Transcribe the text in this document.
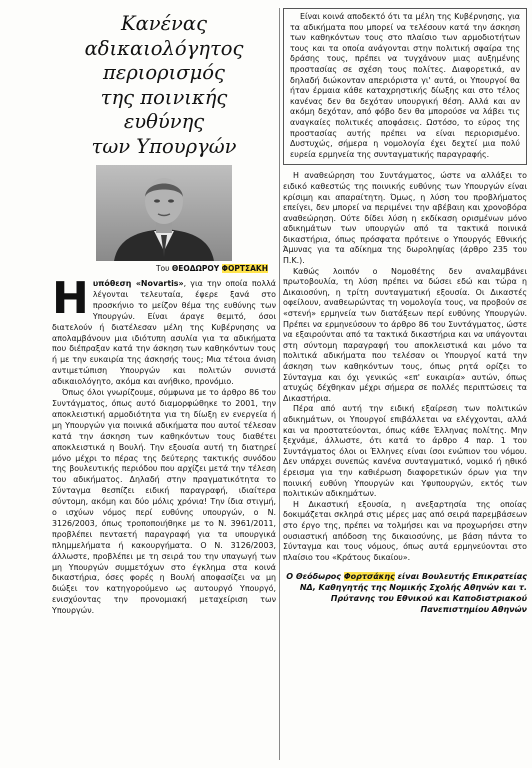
Κανένας
αδικαιολόγητος
περιορισμός
της ποινικής
ευθύνης
των Υπουργών
Του ΘΕΟΔΩΡΟΥ ΦΟΡΤΣΑΚΗ

Ηυπόθεση «Novartis», για την οποία πολλά λέγονται τελευταία, έφερε ξανά στο προσκήνιο το μείζον θέμα της ευθύνης των Υπουργών. Είναι άραγε θεμιτό, όσοι διατελούν ή διατέλεσαν μέλη της Κυβέρνησης να απολαμβάνουν μια ιδιότυπη ασυλία για τα αδικήματα που διέπραξαν κατά την άσκηση των καθηκόντων τους ή με την ευκαιρία της άσκησής τους; Μια τέτοια άνιση αντιμετώπιση Υπουργών και πολιτών συνιστά αδικαιολόγητο, ακόμα και ανήθικο, προνόμιο.

Όπως όλοι γνωρίζουμε, σύμφωνα με το άρθρο 86 του Συντάγματος, όπως αυτό διαμορφώθηκε το 2001, την αποκλειστική αρμοδιότητα για τη δίωξη εν ενεργεία ή μη Υπουργών για ποινικά αδικήματα που αυτοί τέλεσαν κατά την άσκηση των καθηκόντων τους διαθέτει αποκλειστικά η Βουλή. Την εξουσία αυτή τη διατηρεί μόνο μέχρι το πέρας της δεύτερης τακτικής συνόδου της βουλευτικής περιόδου που αρχίζει μετά την τέλεση του αδικήματος. Δηλαδή στην πραγματικότητα το Σύνταγμα θεσπίζει ειδική παραγραφή, ιδιαίτερα σύντομη, ακόμη και δύο μόλις χρόνια! Την ίδια στιγμή, ο ισχύων νόμος περί ευθύνης υπουργών, ο Ν. 3126/2003, όπως τροποποιήθηκε με το Ν. 3961/2011, προβλέπει πενταετή παραγραφή για τα υπουργικά πλημμελήματα ή κακουργήματα. Ο Ν. 3126/2003, άλλωστε, προβλέπει με τη σειρά του την υπαγωγή των μη Υπουργών συμμετόχων στο έγκλημα στα κοινά δικαστήρια, όσες φορές η Βουλή αποφασίζει να μη διώξει τον κατηγορούμενο ως αυτουργό Υπουργό, ενισχύοντας την προνομιακή μεταχείριση των Υπουργών.

Είναι κοινά αποδεκτό ότι τα μέλη της Κυβέρνησης, για τα αδικήματα που μπορεί να τελέσουν κατά την άσκηση των καθηκόντων τους στο πλαίσιο των αρμοδιοτήτων τους και τα οποία ανάγονται στην πολιτική σφαίρα της δράσης τους, πρέπει να τυγχάνουν μιας αυξημένης προστασίας σε σχέση τους πολίτες. Διαφορετικά, αν δηλαδή διώκονταν απεριόριστα γι' αυτά, οι Υπουργοί θα ήταν έρμαια κάθε καταχρηστικής δίωξης και στο τέλος κανένας δεν θα δεχόταν υπουργική θέση. Αλλά και αν ακόμη δεχόταν, από φόβο δεν θα μπορούσε να λάβει τις αναγκαίες πολιτικές αποφάσεις. Ωστόσο, το εύρος της προστασίας αυτής πρέπει να είναι περιορισμένο. Δυστυχώς, σήμερα η νομολογία έχει δεχτεί μια πολύ ευρεία ερμηνεία της συνταγματικής παραγραφής.

Η αναθεώρηση του Συντάγματος, ώστε να αλλάξει το ειδικό καθεστώς της ποινικής ευθύνης των Υπουργών είναι κρίσιμη και απαραίτητη. Όμως, η λύση του προβλήματος επείγει, δεν μπορεί να περιμένει την αβέβαιη και χρονοβόρα αναθεώρηση. Ούτε δίδει λύση η εκδίκαση ορισμένων μόνο αδικημάτων των υπουργών από τα τακτικά ποινικά δικαστήρια, όπως πρόσφατα πρότεινε ο Υπουργός Εθνικής Άμυνας για τα αδίκημα της δωροληψίας (άρθρο 235 του Π.Κ.).

Καθώς λοιπόν ο Νομοθέτης δεν αναλαμβάνει πρωτοβουλία, τη λύση πρέπει να δώσει εδώ και τώρα η Δικαιοσύνη, η τρίτη συνταγματική εξουσία. Οι Δικαστές οφείλουν, αναθεωρώντας τη νομολογία τους, να προβούν σε «στενή» ερμηνεία των διατάξεων περί ευθύνης Υπουργών. Πρέπει να ερμηνεύσουν το άρθρο 86 του Συντάγματος, ώστε να εξαιρούνται από τα τακτικά δικαστήρια και να υπάγονται στη σύντομη παραγραφή του αποκλειστικά και μόνο τα πολιτικά αδικήματα που τελέσαν οι Υπουργοί κατά την άσκηση των καθηκόντων τους, όπως ρητά ορίζει το Σύνταγμα και όχι γενικώς «επ' ευκαιρία» αυτών, όπως ατυχώς δέχθηκαν μέχρι σήμερα σε πολλές περιπτώσεις τα Δικαστήρια.

Πέρα από αυτή την ειδική εξαίρεση των πολιτικών αδικημάτων, οι Υπουργοί επιβάλλεται να ελέγχονται, αλλά και να προστατεύονται, όπως κάθε Έλληνας πολίτης. Μην ξεχνάμε, άλλωστε, ότι κατά το άρθρο 4 παρ. 1 του Συντάγματος όλοι οι Έλληνες είναι ίσοι ενώπιον του νόμου. Δεν υπάρχει συνεπώς κανένα συνταγματικό, νομικό ή ηθικό έρεισμα για την καθιέρωση διαφορετικών όρων για την ποινική ευθύνη Υπουργών και Υφυπουργών, εκτός των πολιτικών αδικημάτων.

Η Δικαστική εξουσία, η ανεξαρτησία της οποίας δοκιμάζεται σκληρά στις μέρες μας από σειρά παρεμβάσεων στο έργο της, πρέπει να τολμήσει και να προχωρήσει στην ουσιαστική απόδοση της δικαιοσύνης, με βάση πάντα το Σύνταγμα και τους νόμους, όπως αυτά ερμηνεύονται στο πλαίσιο του «Κράτους δικαίου».

Ο Θεόδωρος Φορτσάκης είναι Βουλευτής Επικρατείας ΝΔ, Καθηγητής της Νομικής Σχολής Αθηνών και τ. Πρύτανης του Εθνικού και Καποδιστριακού Πανεπιστημίου Αθηνών
